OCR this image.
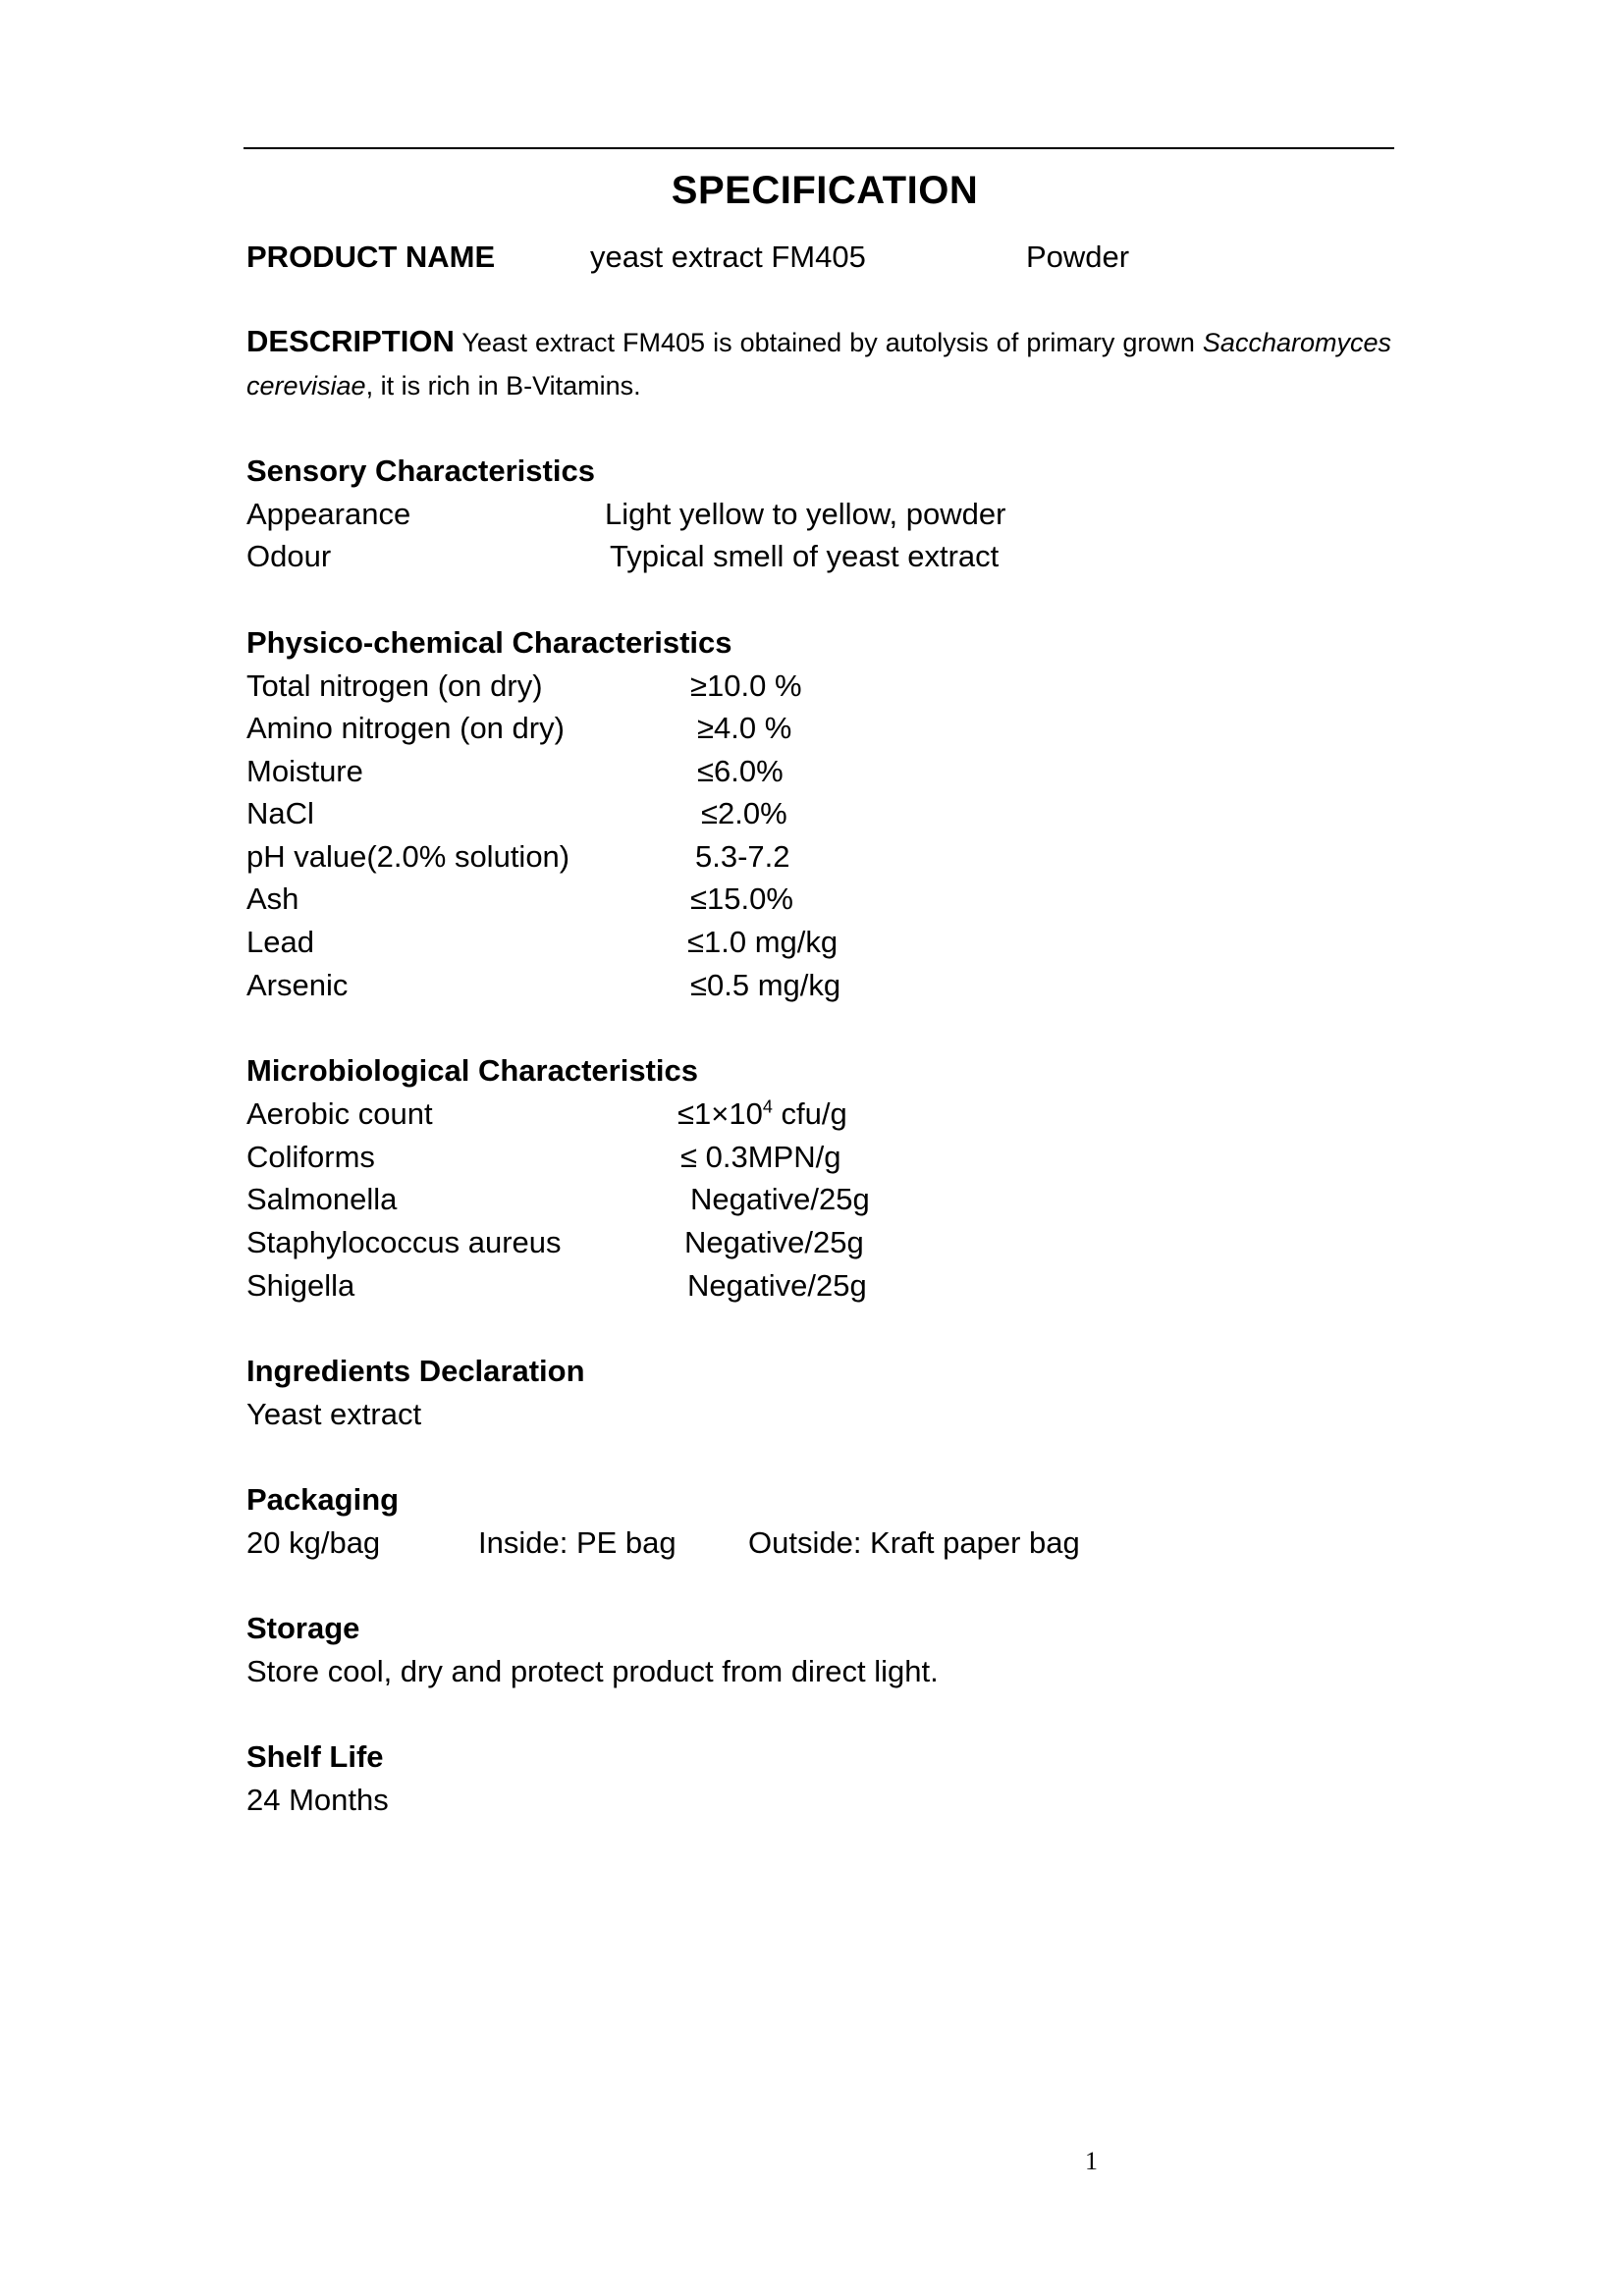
SPECIFICATION
PRODUCT NAME	yeast extract FM405	Powder
DESCRIPTION Yeast extract FM405 is obtained by autolysis of primary grown Saccharomyces cerevisiae, it is rich in B-Vitamins.
Sensory Characteristics
Appearance	Light yellow to yellow, powder
Odour	Typical smell of yeast extract
Physico-chemical Characteristics
Total nitrogen (on dry)	≥10.0 %
Amino nitrogen (on dry)	≥4.0 %
Moisture	≤6.0%
NaCl	≤2.0%
pH value(2.0% solution)	5.3-7.2
Ash	≤15.0%
Lead	≤1.0 mg/kg
Arsenic	≤0.5 mg/kg
Microbiological Characteristics
Aerobic count	$\le 1\times 10^4$ cfu/g
Coliforms	≤ 0.3MPN/g
Salmonella	Negative/25g
Staphylococcus aureus	Negative/25g
Shigella	Negative/25g
Ingredients Declaration
Yeast extract
Packaging
20 kg/bag	Inside: PE bag Outside: Kraft paper bag
Storage
Store cool, dry and protect product from direct light.
Shelf Life
24 Months
1
